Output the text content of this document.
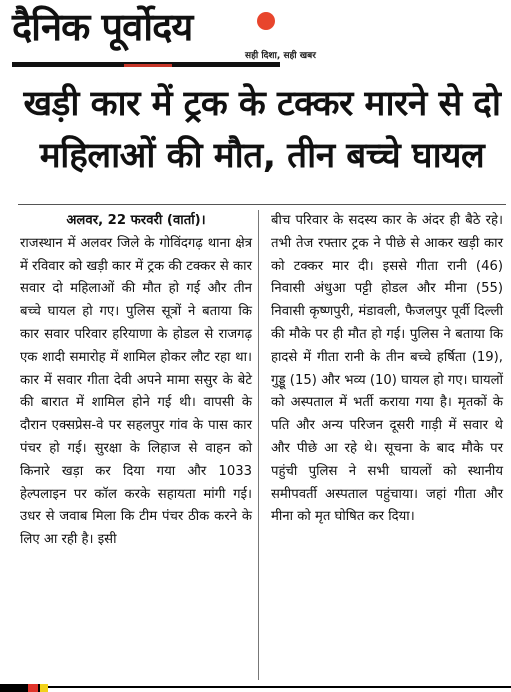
दैनिक पूर्वोदय
सही दिशा, सही खबर
खड़ी कार में ट्रक के टक्कर मारने से दो
महिलाओं की मौत, तीन बच्चे घायल
अलवर, 22 फरवरी (वार्ता)।
राजस्थान में अलवर जिले के गोविंदगढ़ थाना क्षेत्र में रविवार को खड़ी कार में ट्रक की टक्कर से कार सवार दो महिलाओं की मौत हो गई और तीन बच्चे घायल हो गए। पुलिस सूत्रों ने बताया कि कार सवार परिवार हरियाणा के होडल से राजगढ़ एक शादी समारोह में शामिल होकर लौट रहा था। कार में सवार गीता देवी अपने मामा ससुर के बेटे की बारात में शामिल होने गई थी। वापसी के दौरान एक्सप्रेस-वे पर सहलपुर गांव के पास कार पंचर हो गई। सुरक्षा के लिहाज से वाहन को किनारे खड़ा कर दिया गया और 1033 हेल्पलाइन पर कॉल करके सहायता मांगी गई। उधर से जवाब मिला कि टीम पंचर ठीक करने के लिए आ रही है। इसी
बीच परिवार के सदस्य कार के अंदर ही बैठे रहे। तभी तेज रफ्तार ट्रक ने पीछे से आकर खड़ी कार को टक्कर मार दी। इससे गीता रानी (46) निवासी अंधुआ पट्टी होडल और मीना (55) निवासी कृष्णपुरी, मंडावली, फैजलपुर पूर्वी दिल्ली की मौके पर ही मौत हो गई। पुलिस ने बताया कि हादसे में गीता रानी के तीन बच्चे हर्षिता (19), गुड्डू (15) और भव्य (10) घायल हो गए। घायलों को अस्पताल में भर्ती कराया गया है। मृतकों के पति और अन्य परिजन दूसरी गाड़ी में सवार थे और पीछे आ रहे थे। सूचना के बाद मौके पर पहुंची पुलिस ने सभी घायलों को स्थानीय समीपवर्ती अस्पताल पहुंचाया। जहां गीता और मीना को मृत घोषित कर दिया।
